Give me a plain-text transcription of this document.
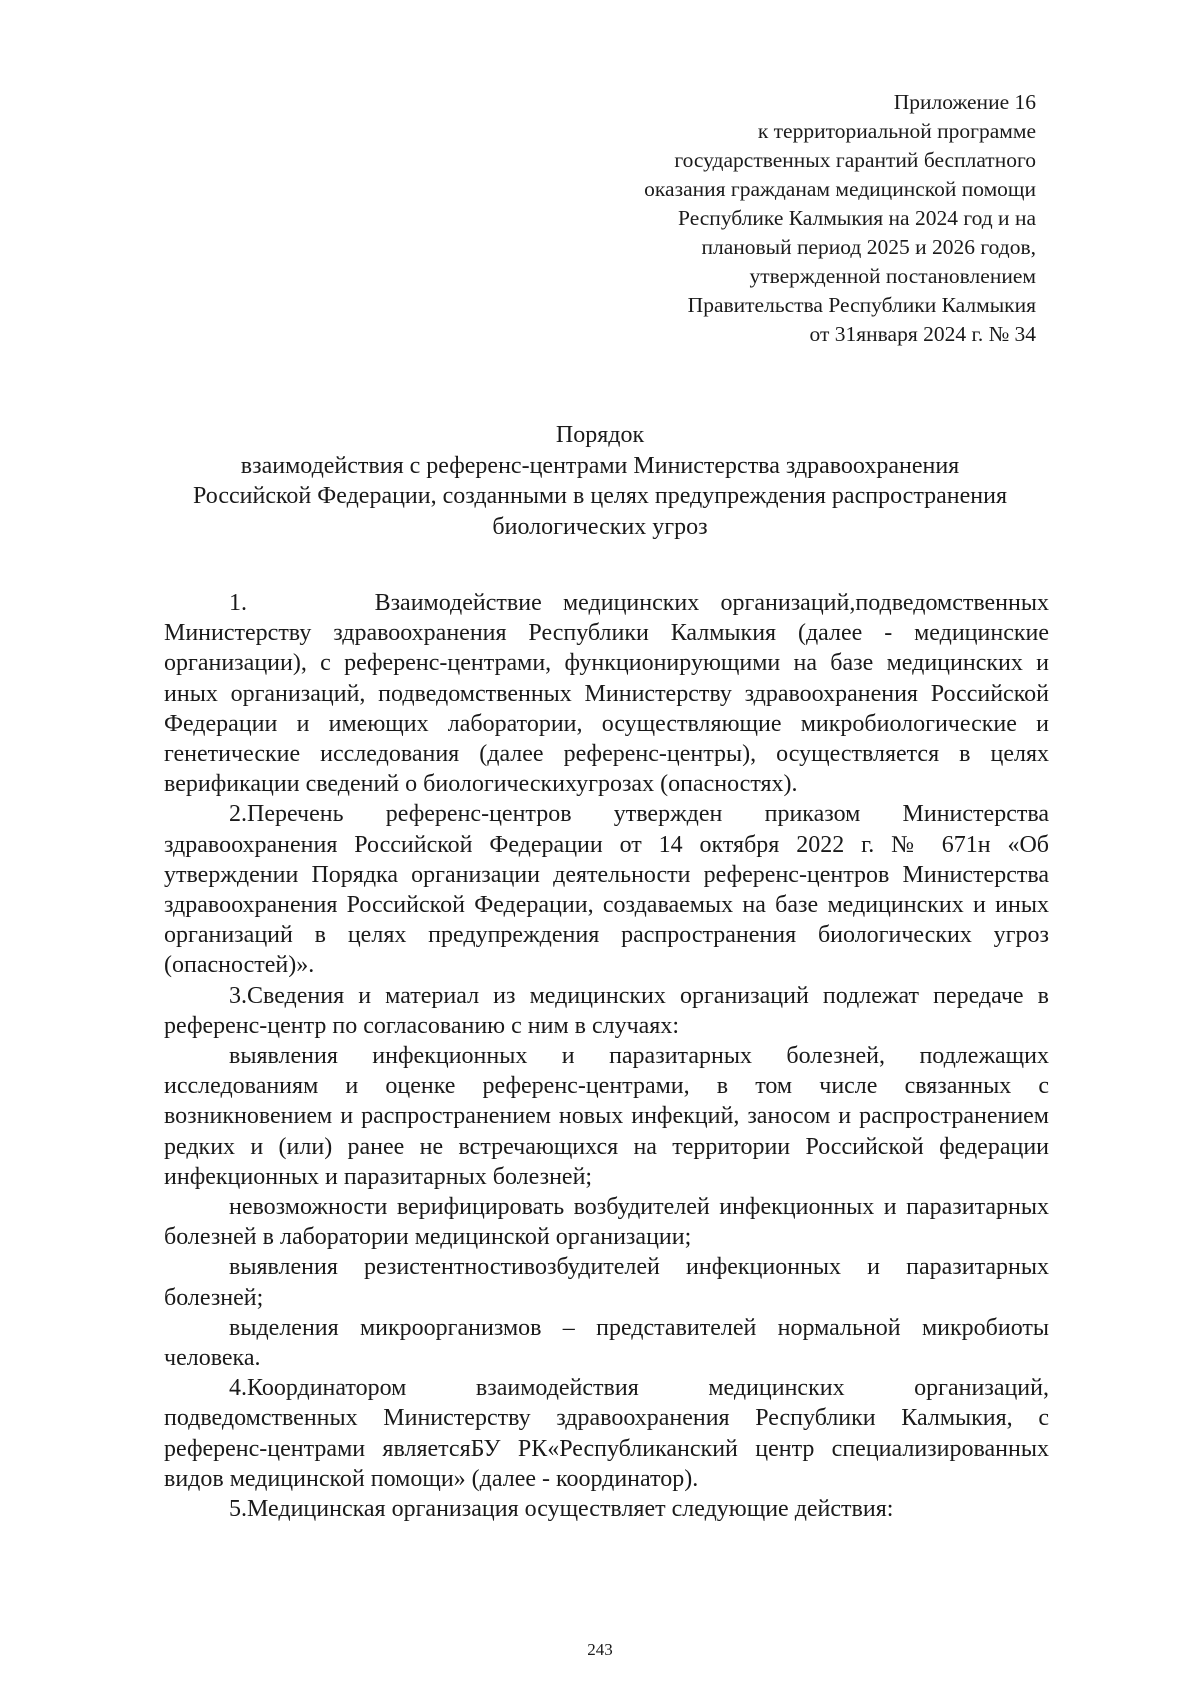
Приложение 16
к территориальной программе
государственных гарантий бесплатного
оказания гражданам медицинской помощи
Республике Калмыкия на 2024 год и на
плановый период 2025 и 2026 годов,
утвержденной постановлением
Правительства Республики Калмыкия
от 31января 2024 г. № 34
Порядок
взаимодействия с референс-центрами Министерства здравоохранения
Российской Федерации, созданными в целях предупреждения распространения
биологических угроз

1.      Взаимодействие медицинских организаций,подведомственных Министерству здравоохранения Республики Калмыкия (далее - медицинские организации), с референс-центрами, функционирующими на базе медицинских и иных организаций, подведомственных Министерству здравоохранения Российской Федерации и имеющих лаборатории, осуществляющие микробиологические и генетические исследования (далее референс-центры), осуществляется в целях верификации сведений о биологическихугрозах (опасностях).

2.Перечень референс-центров утвержден приказом Министерства здравоохранения Российской Федерации от 14 октября 2022 г. № 671н «Об утверждении Порядка организации деятельности референс-центров Министерства здравоохранения Российской Федерации, создаваемых на базе медицинских и иных организаций в целях предупреждения распространения биологических угроз (опасностей)».

3.Сведения и материал из медицинских организаций подлежат передаче в референс-центр по согласованию с ним в случаях:

выявления инфекционных и паразитарных болезней, подлежащих исследованиям и оценке референс-центрами, в том числе связанных с возникновением и распространением новых инфекций, заносом и распространением редких и (или) ранее не встречающихся на территории Российской федерации инфекционных и паразитарных болезней;

невозможности верифицировать возбудителей инфекционных и паразитарных болезней в лаборатории медицинской организации;

выявления резистентностивозбудителей инфекционных и паразитарных болезней;

выделения микроорганизмов – представителей нормальной микробиоты человека.

4.Координатором взаимодействия медицинских организаций, подведомственных Министерству здравоохранения Республики Калмыкия, с референс-центрами являетсяБУ РК«Республиканский центр специализированных видов медицинской помощи» (далее - координатор).

5.Медицинская организация осуществляет следующие действия:

243
